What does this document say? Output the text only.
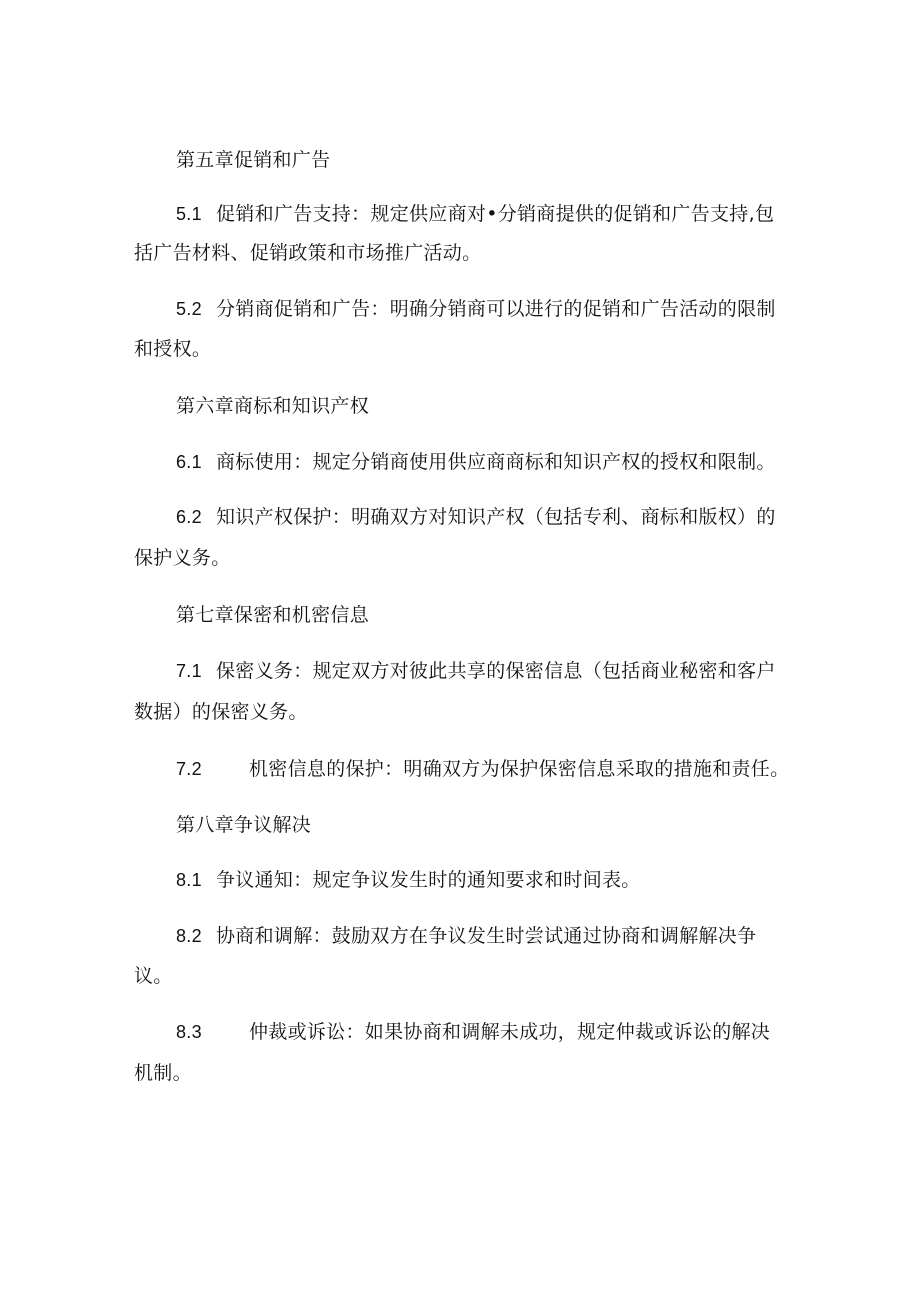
第五章促销和广告
5.1 促销和广告支持：规定供应商对•分销商提供的促销和广告支持,包
括广告材料、促销政策和市场推广活动。
5.2 分销商促销和广告：明确分销商可以进行的促销和广告活动的限制
和授权。
第六章商标和知识产权
6.1 商标使用：规定分销商使用供应商商标和知识产权的授权和限制。
6.2 知识产权保护：明确双方对知识产权（包括专利、商标和版权）的
保护义务。
第七章保密和机密信息
7.1 保密义务：规定双方对彼此共享的保密信息（包括商业秘密和客户
数据）的保密义务。
7.2 机密信息的保护：明确双方为保护保密信息采取的措施和责任。
第八章争议解决
8.1 争议通知：规定争议发生时的通知要求和时间表。
8.2 协商和调解：鼓励双方在争议发生时尝试通过协商和调解解决争
议。
8.3 仲裁或诉讼：如果协商和调解未成功，规定仲裁或诉讼的解决
机制。
